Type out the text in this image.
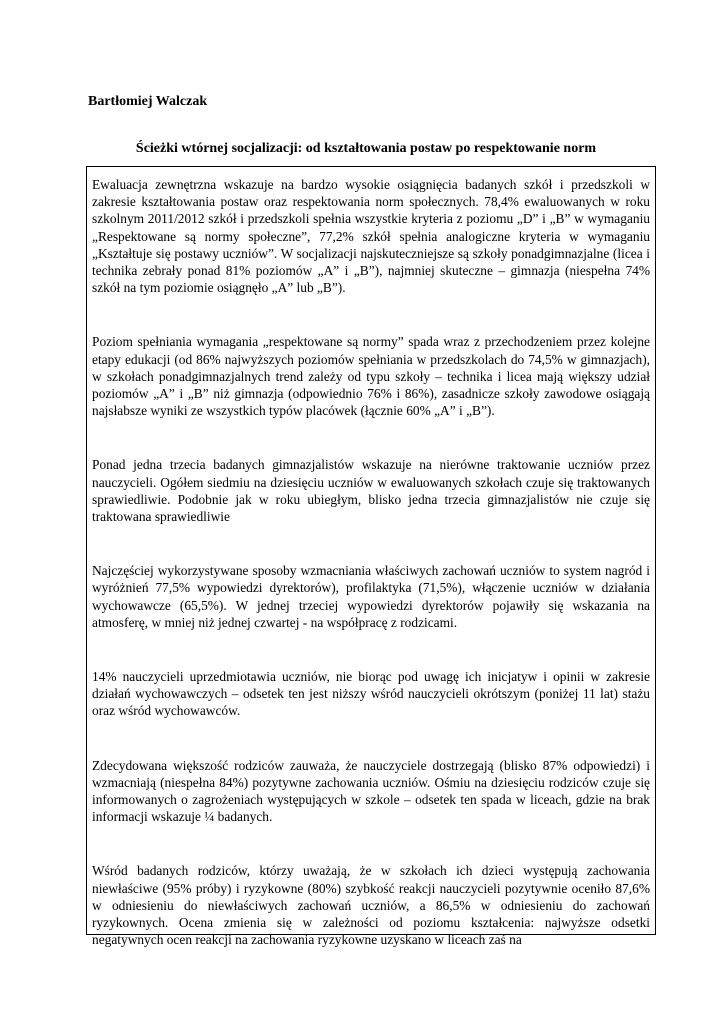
Bartłomiej Walczak
Ścieżki wtórnej socjalizacji: od kształtowania postaw po respektowanie norm

Ewaluacja zewnętrzna wskazuje na bardzo wysokie osiągnięcia badanych szkół i przedszkoli w zakresie kształtowania postaw oraz respektowania norm społecznych. 78,4% ewaluowanych w roku szkolnym 2011/2012 szkół i przedszkoli spełnia wszystkie kryteria z poziomu „D” i „B” w wymaganiu „Respektowane są normy społeczne”, 77,2% szkół spełnia analogiczne kryteria w wymaganiu „Kształtuje się postawy uczniów”. W socjalizacji najskuteczniejsze są szkoły ponadgimnazjalne (licea i technika zebrały ponad 81% poziomów „A” i „B”), najmniej skuteczne – gimnazja (niespełna 74% szkół na tym poziomie osiągnęło „A” lub „B”).

Poziom spełniania wymagania „respektowane są normy” spada wraz z przechodzeniem przez kolejne etapy edukacji (od 86% najwyższych poziomów spełniania w przedszkolach do 74,5% w gimnazjach), w szkołach ponadgimnazjalnych trend zależy od typu szkoły – technika i licea mają większy udział poziomów „A” i „B” niż gimnazja (odpowiednio 76% i 86%), zasadnicze szkoły zawodowe osiągają najsłabsze wyniki ze wszystkich typów placówek (łącznie 60% „A” i „B”).

Ponad jedna trzecia badanych gimnazjalistów wskazuje na nierówne traktowanie uczniów przez nauczycieli. Ogółem siedmiu na dziesięciu uczniów w ewaluowanych szkołach czuje się traktowanych sprawiedliwie. Podobnie jak w roku ubiegłym, blisko jedna trzecia gimnazjalistów nie czuje się traktowana sprawiedliwie

Najczęściej wykorzystywane sposoby wzmacniania właściwych zachowań uczniów to system nagród i wyróżnień 77,5% wypowiedzi dyrektorów), profilaktyka (71,5%), włączenie uczniów w działania wychowawcze (65,5%). W jednej trzeciej wypowiedzi dyrektorów pojawiły się wskazania na atmosferę, w mniej niż jednej czwartej - na współpracę z rodzicami.

14% nauczycieli uprzedmiotawia uczniów, nie biorąc pod uwagę ich inicjatyw i opinii w zakresie działań wychowawczych – odsetek ten jest niższy wśród nauczycieli okrótszym (poniżej 11 lat) stażu oraz wśród wychowawców.

Zdecydowana większość rodziców zauważa, że nauczyciele dostrzegają (blisko 87% odpowiedzi) i wzmacniają (niespełna 84%) pozytywne zachowania uczniów. Ośmiu na dziesięciu rodziców czuje się informowanych o zagrożeniach występujących w szkole – odsetek ten spada w liceach, gdzie na brak informacji wskazuje ¼ badanych.

Wśród badanych rodziców, którzy uważają, że w szkołach ich dzieci występują zachowania niewłaściwe (95% próby) i ryzykowne (80%) szybkość reakcji nauczycieli pozytywnie oceniło 87,6% w odniesieniu do niewłaściwych zachowań uczniów, a 86,5% w odniesieniu do zachowań ryzykownych. Ocena zmienia się w zależności od poziomu kształcenia: najwyższe odsetki negatywnych ocen reakcji na zachowania ryzykowne uzyskano w liceach zaś na
